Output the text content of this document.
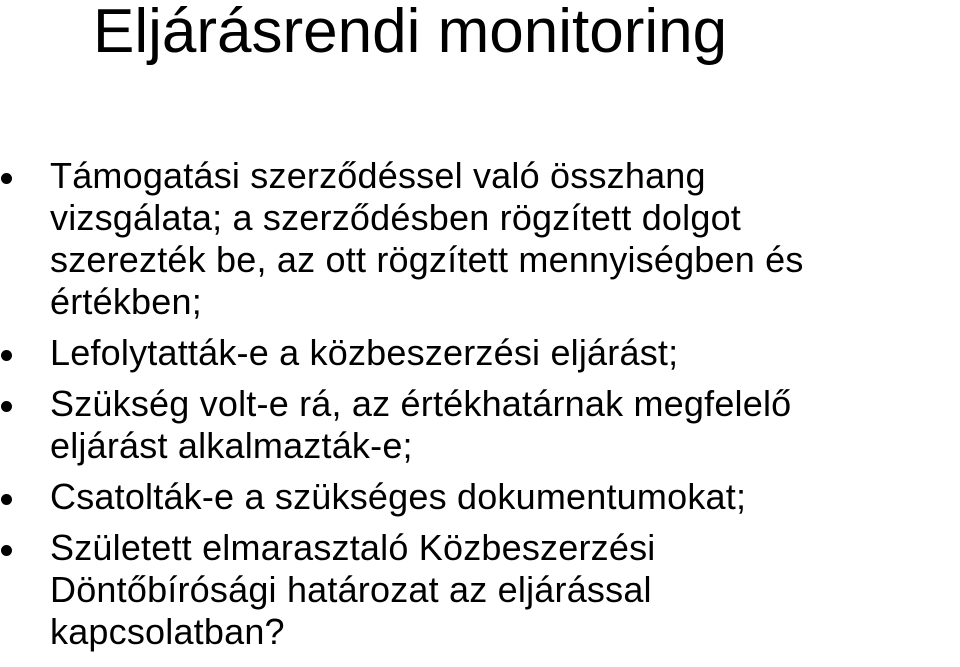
Eljárásrendi monitoring
Támogatási szerződéssel való összhang
vizsgálata; a szerződésben rögzített dolgot
szerezték be, az ott rögzített mennyiségben és
értékben;
Lefolytatták-e a közbeszerzési eljárást;
Szükség volt-e rá, az értékhatárnak megfelelő
eljárást alkalmazták-e;
Csatolták-e a szükséges dokumentumokat;
Született elmarasztaló Közbeszerzési
Döntőbírósági határozat az eljárással
kapcsolatban?
